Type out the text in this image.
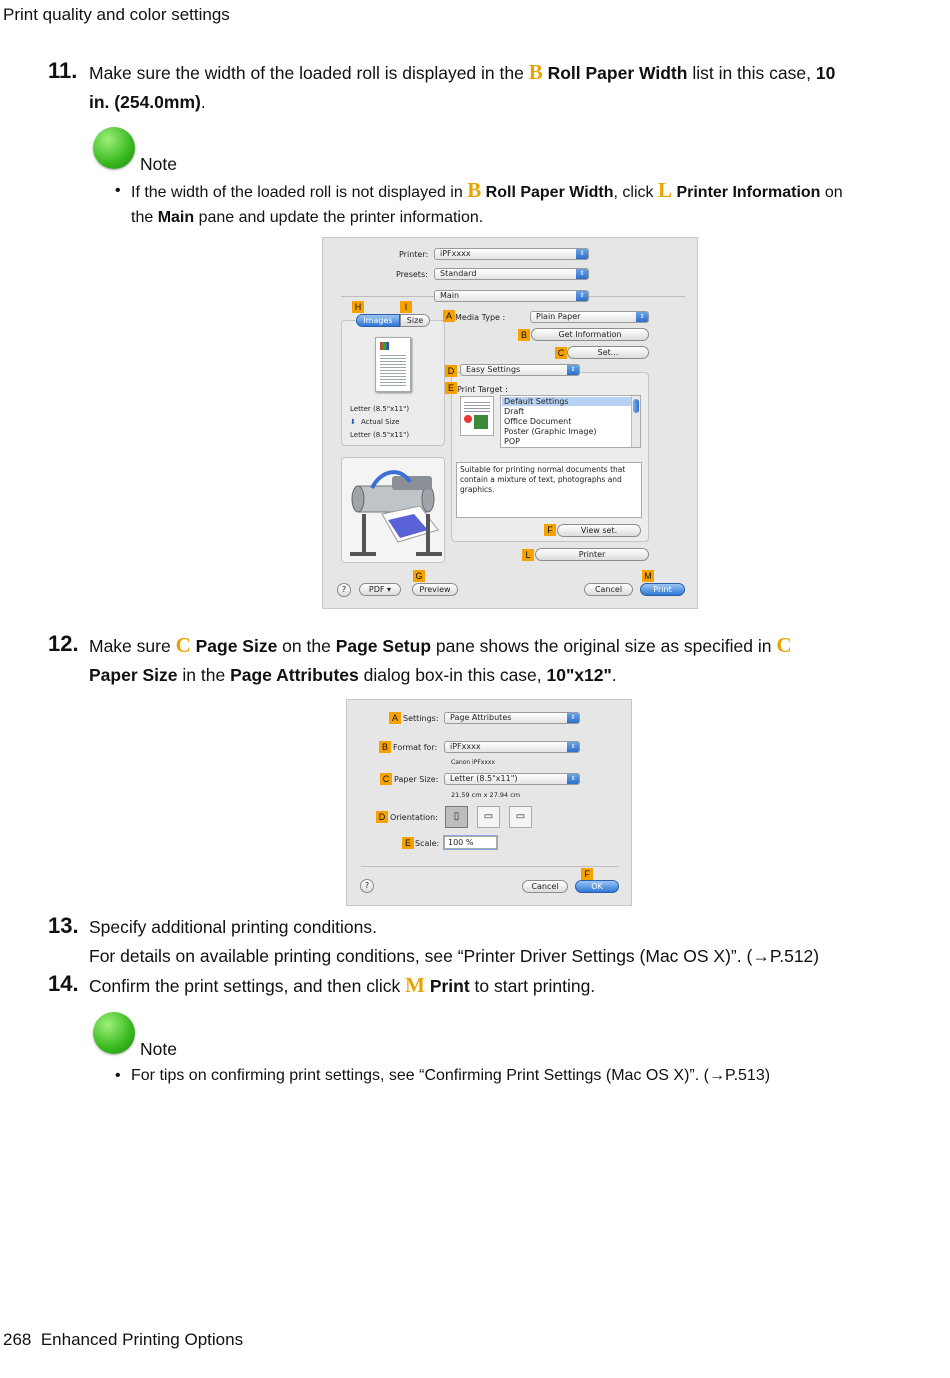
Print quality and color settings
11. Make sure the width of the loaded roll is displayed in the B Roll Paper Width list in this case, 10
in. (254.0mm).
Note
• If the width of the loaded roll is not displayed in B Roll Paper Width, click L Printer Information on
the Main pane and update the printer information.
Printer:	iPFxxxx	⇕
Presets:	Standard	⇕
Main	⇕
H	I
Images	Size
Letter (8.5"x11")
⬇ Actual Size
Letter (8.5"x11")
A Media Type :	Plain Paper	⇕
B	Get Information
C	Set...
D	Easy Settings	⇕
E Print Target :
Default Settings
Draft
Office Document
Poster (Graphic Image)
POP
Suitable for printing normal documents that contain a mixture of text, photographs and graphics.
F	View set.
L	Printer
G	M
?	PDF ▾	Preview	Cancel	Print
12. Make sure C Page Size on the Page Setup pane shows the original size as specified in C
Paper Size in the Page Attributes dialog box-in this case, 10"x12".
A Settings:	Page Attributes	⇕
B Format for:	iPFxxxx	⇕
Canon iPFxxxx
C Paper Size:	Letter (8.5"x11")	⇕
21.59 cm x 27.94 cm
D Orientation:	▯	▭	▭
E Scale:	100 %
F
?	Cancel	OK
13. Specify additional printing conditions.
For details on available printing conditions, see “Printer Driver Settings (Mac OS X)”. (→P.512)
14. Confirm the print settings, and then click M Print to start printing.
Note
• For tips on confirming print settings, see “Confirming Print Settings (Mac OS X)”. (→P.513)
268 Enhanced Printing Options
